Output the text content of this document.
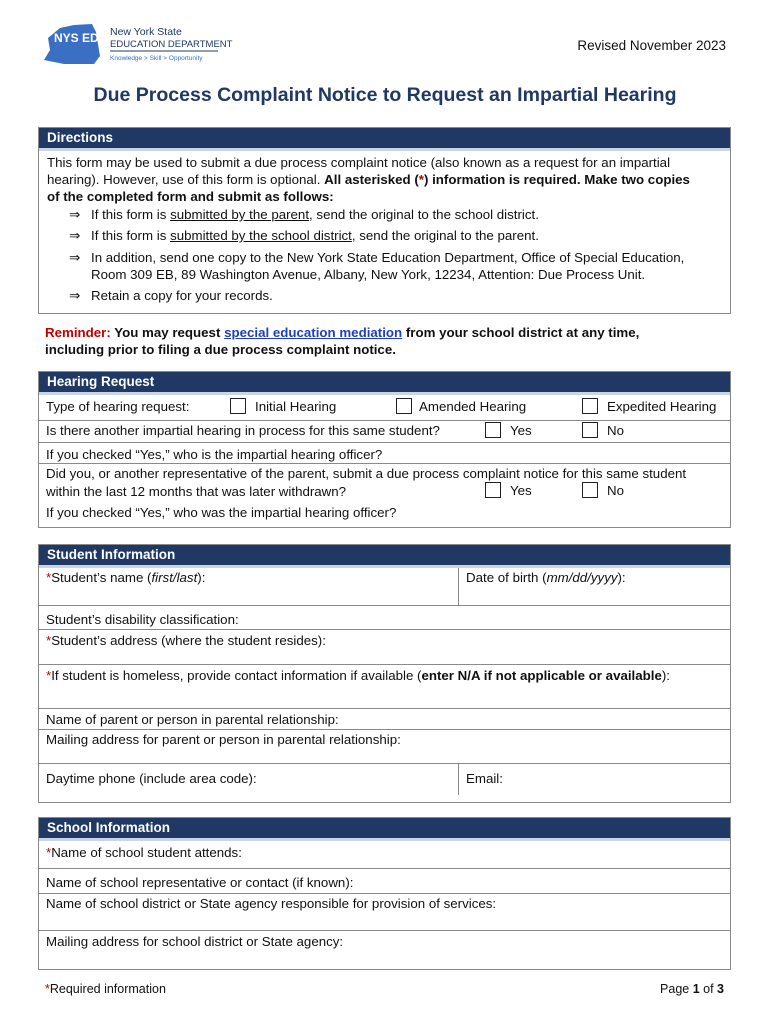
NYS ED New York State
EDUCATION DEPARTMENT
Knowledge > Skill > Opportunity
Revised November 2023
Due Process Complaint Notice to Request an Impartial Hearing
Directions

This form may be used to submit a due process complaint notice (also known as a request for an impartial

hearing). However, use of this form is optional. All asterisked (*) information is required. Make two copies

of the completed form and submit as follows:

⇒ If this form is submitted by the parent, send the original to the school district.
⇒ If this form is submitted by the school district, send the original to the parent.
⇒ In addition, send one copy to the New York State Education Department, Office of Special Education,
Room 309 EB, 89 Washington Avenue, Albany, New York, 12234, Attention: Due Process Unit.
⇒ Retain a copy for your records.
Reminder: You may request special education mediation from your school district at any time,
including prior to filing a due process complaint notice.
Hearing Request
Type of hearing request:	Initial Hearing	Amended Hearing	Expedited Hearing
Is there another impartial hearing in process for this same student?	Yes	No
If you checked “Yes,” who is the impartial hearing officer?
Did you, or another representative of the parent, submit a due process complaint notice for this same student
within the last 12 months that was later withdrawn?	Yes	No
If you checked “Yes,” who was the impartial hearing officer?
Student Information
*Student’s name (first/last):	Date of birth (mm/dd/yyyy):
Student’s disability classification:
*Student’s address (where the student resides):
*If student is homeless, provide contact information if available (enter N/A if not applicable or available):
Name of parent or person in parental relationship:
Mailing address for parent or person in parental relationship:
Daytime phone (include area code):	Email:
School Information
*Name of school student attends:
Name of school representative or contact (if known):
Name of school district or State agency responsible for provision of services:
Mailing address for school district or State agency:
*Required information	Page 1 of 3
